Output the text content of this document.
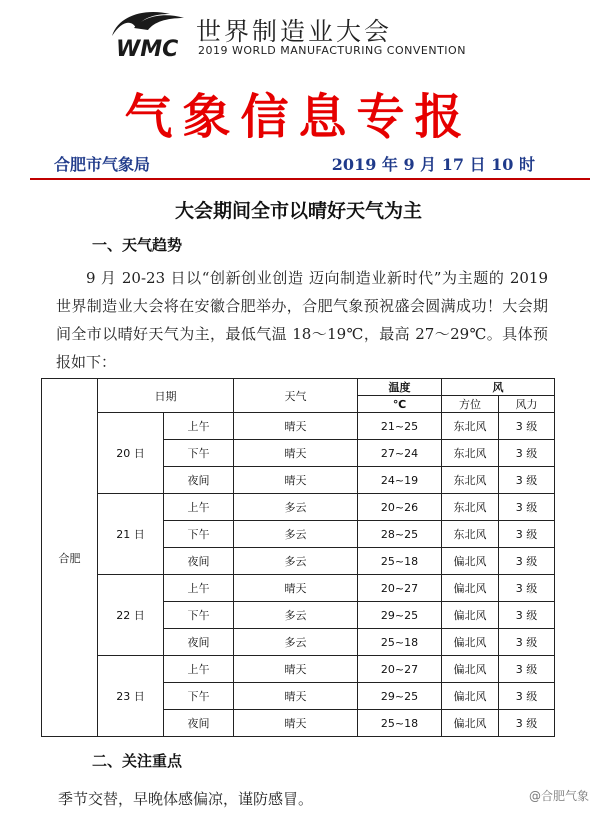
WMC
世界制造业大会
2019 WORLD MANUFACTURING CONVENTION
气象信息专报
合肥市气象局	2019 年 9 月 17 日 10 时
大会期间全市以晴好天气为主
一、天气趋势
9 月 20-23 日以“创新创业创造 迈向制造业新时代”为主题的 2019 世界制造业大会将在安徽合肥举办，合肥气象预祝盛会圆满成功！大会期间全市以晴好天气为主，最低气温 18～19℃，最高 27～29℃。具体预报如下：
合肥	日期		天气	温度	风	
				℃	方位	风力
	20 日	上午	晴天	21~25	东北风	3 级
		下午	晴天	27~24	东北风	3 级
		夜间	晴天	24~19	东北风	3 级
	21 日	上午	多云	20~26	东北风	3 级
		下午	多云	28~25	东北风	3 级
		夜间	多云	25~18	偏北风	3 级
	22 日	上午	晴天	20~27	偏北风	3 级
		下午	多云	29~25	偏北风	3 级
		夜间	多云	25~18	偏北风	3 级
	23 日	上午	晴天	20~27	偏北风	3 级
		下午	晴天	29~25	偏北风	3 级
		夜间	晴天	25~18	偏北风	3 级
二、关注重点
季节交替，早晚体感偏凉，谨防感冒。	@合肥气象
